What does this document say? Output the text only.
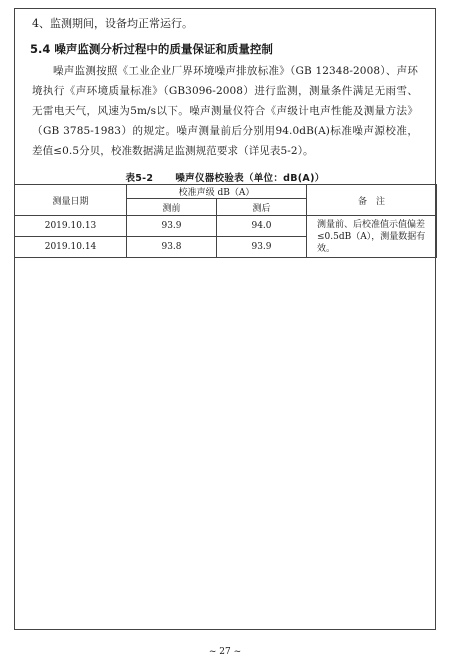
4、监测期间，设备均正常运行。

5.4 噪声监测分析过程中的质量保证和质量控制

噪声监测按照《工业企业厂界环境噪声排放标准》（GB 12348-2008）、声环境执行《声环境质量标准》（GB3096-2008）进行监测，测量条件满足无雨雪、无雷电天气，风速为5m/s以下。噪声测量仪符合《声级计电声性能及测量方法》（GB 3785-1983）的规定。噪声测量前后分别用94.0dB(A)标准噪声源校准，差值≤0.5分贝，校准数据满足监测规范要求（详见表5-2）。

表5-2 噪声仪器校验表（单位：dB(A)）
测量日期	校准声级 dB（A）		备　注
	测前	测后	
2019.10.13	93.9	94.0	测量前、后校准值示值偏差≤0.5dB（A），测量数据有效。
2019.10.14	93.8	93.9	
~ 27 ~
